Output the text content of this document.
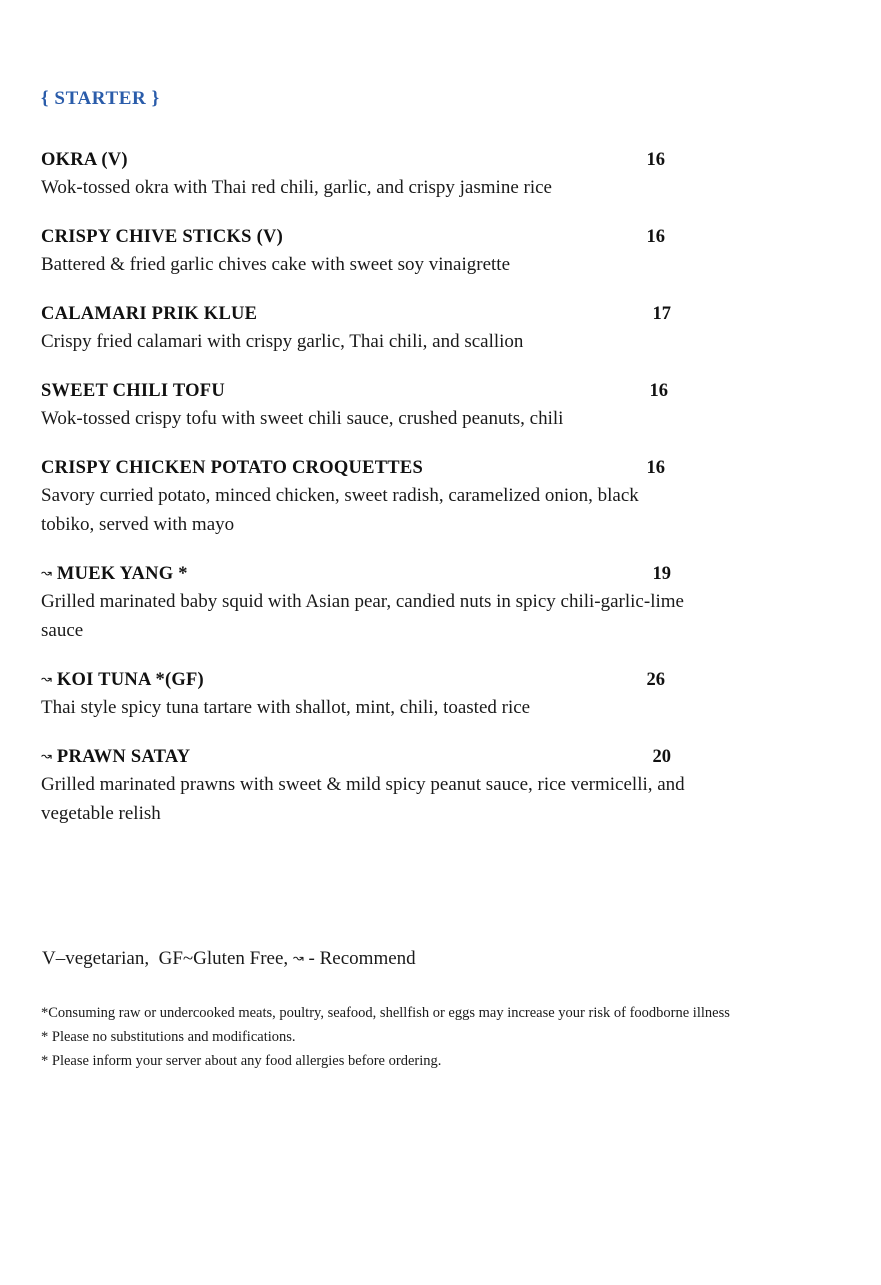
{ STARTER }
OKRA (V)	16
Wok-tossed okra with Thai red chili, garlic, and crispy jasmine rice
CRISPY CHIVE STICKS (V)	16
Battered & fried garlic chives cake with sweet soy vinaigrette
CALAMARI PRIK KLUE	17
Crispy fried calamari with crispy garlic, Thai chili, and scallion
SWEET CHILI TOFU	16
Wok-tossed crispy tofu with sweet chili sauce, crushed peanuts, chili
CRISPY CHICKEN POTATO CROQUETTES	16
Savory curried potato, minced chicken, sweet radish, caramelized onion, black tobiko, served with mayo
↝ MUEK YANG *	19
Grilled marinated baby squid with Asian pear, candied nuts in spicy chili-garlic-lime sauce
↝ KOI TUNA *(GF)	26
Thai style spicy tuna tartare with shallot, mint, chili, toasted rice
↝ PRAWN SATAY	20
Grilled marinated prawns with sweet & mild spicy peanut sauce, rice vermicelli, and vegetable relish
V–vegetarian, GF~Gluten Free, ↝ - Recommend
*Consuming raw or undercooked meats, poultry, seafood, shellfish or eggs may increase your risk of foodborne illness
* Please no substitutions and modifications.
* Please inform your server about any food allergies before ordering.
